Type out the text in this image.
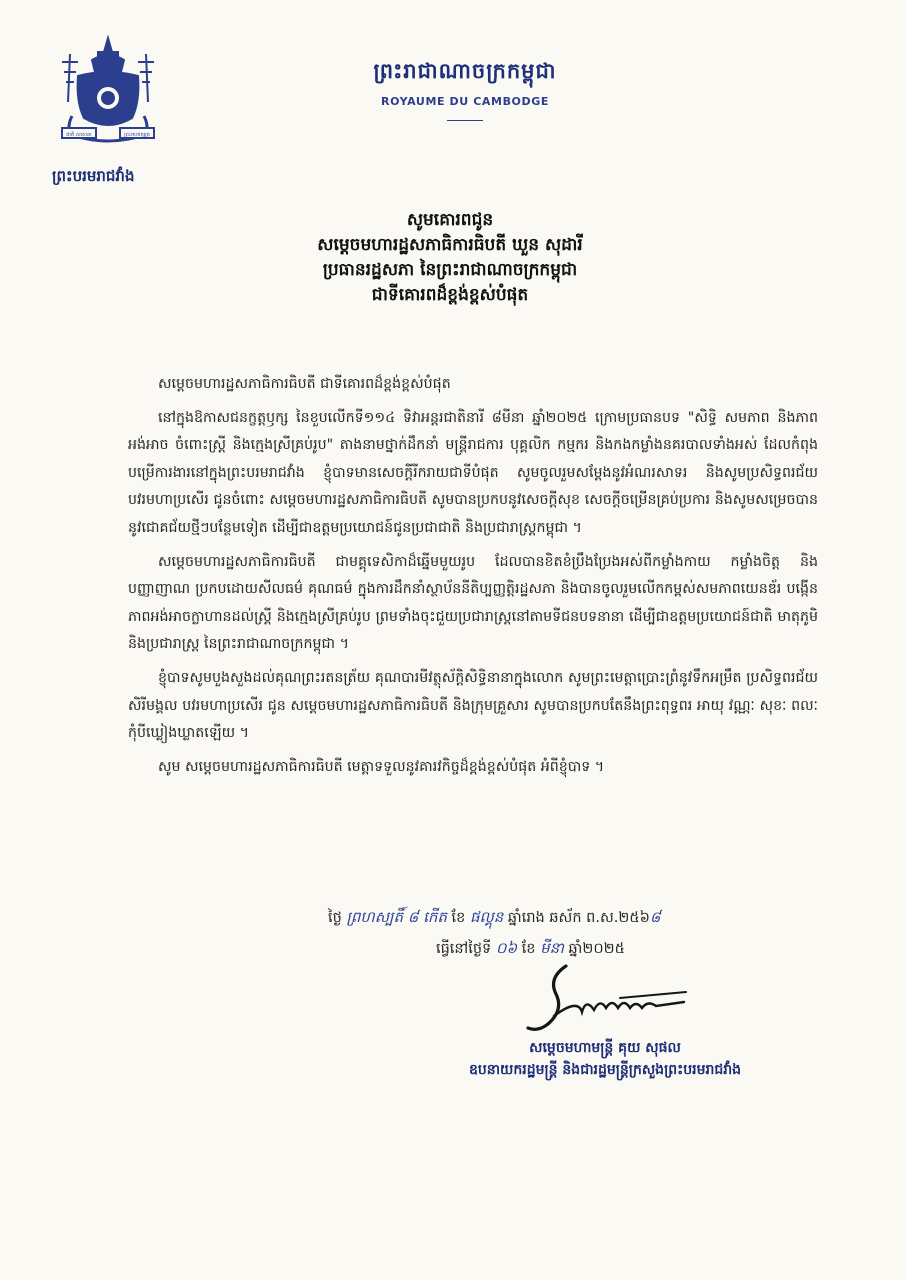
ជាតិ សាសនា	ព្រះមហាក្សត្រ
ព្រះបរមរាជវាំង
ព្រះរាជាណាចក្រកម្ពុជា
ROYAUME DU CAMBODGE
សូមគោរពជូន
សម្តេចមហារដ្ឋសភាធិការធិបតី ឃួន សុដារី
ប្រធានរដ្ឋសភា នៃព្រះរាជាណាចក្រកម្ពុជា
ជាទីគោរពដ៏ខ្ពង់ខ្ពស់បំផុត
សម្តេចមហារដ្ឋសភាធិការធិបតី ជាទីគោរពដ៏ខ្ពង់ខ្ពស់បំផុត
នៅក្នុងឱកាសជនក្ខត្តឫក្ស នៃខួបលើកទី១១៤ ទិវាអន្តរជាតិនារី ៨មីនា ឆ្នាំ២០២៥ ក្រោមប្រធានបទ "សិទ្ធិ សមភាព និងភាពអង់អាច ចំពោះស្ត្រី និងក្មេងស្រីគ្រប់រូប" តាងនាមថ្នាក់ដឹកនាំ មន្ត្រីរាជការ បុគ្គលិក កម្មករ និងកងកម្លាំងនគរបាលទាំងអស់ ដែលកំពុងបម្រើការងារនៅក្នុងព្រះបរមរាជវាំង ខ្ញុំបាទមានសេចក្តីរីករាយជាទីបំផុត សូមចូលរួមសម្តែងនូវអំណរសាទរ និងសូមប្រសិទ្ធពរជ័យ បវរមហាប្រសើរ ជូនចំពោះ សម្តេចមហារដ្ឋសភាធិការធិបតី សូមបានប្រកបនូវសេចក្តីសុខ សេចក្តីចម្រើនគ្រប់ប្រការ និងសូមសម្រេចបាននូវជោគជ័យថ្មីៗបន្ថែមទៀត ដើម្បីជាឧត្តមប្រយោជន៍ជូនប្រជាជាតិ និងប្រជារាស្ត្រកម្ពុជា ។
សម្តេចមហារដ្ឋសភាធិការធិបតី ជាមគ្គុទេសិកាដ៏ឆ្នើមមួយរូប ដែលបានខិតខំប្រឹងប្រែងអស់ពីកម្លាំងកាយ កម្លាំងចិត្ត និងបញ្ញាញាណ ប្រកបដោយសីលធម៌ គុណធម៌ ក្នុងការដឹកនាំស្ថាប័ននីតិប្បញ្ញត្តិរដ្ឋសភា និងបានចូលរួមលើកកម្ពស់សមភាពយេនឌ័រ បង្កើនភាពអង់អាចក្លាហានដល់ស្ត្រី និងក្មេងស្រីគ្រប់រូប ព្រមទាំងចុះជួយប្រជារាស្ត្រនៅតាមទីជនបទនានា ដើម្បីជាឧត្តមប្រយោជន៍ជាតិ មាតុភូមិ និងប្រជារាស្ត្រ នៃព្រះរាជាណាចក្រកម្ពុជា ។
ខ្ញុំបាទសូមបួងសួងដល់គុណព្រះរតនត្រ័យ គុណបារមីវត្ថុស័ក្តិសិទ្ធិនានាក្នុងលោក សូមព្រះមេត្តាប្រោះព្រំនូវទឹកអម្រឹត ប្រសិទ្ធពរជ័យ សិរីមង្គល បវរមហាប្រសើរ ជូន សម្តេចមហារដ្ឋសភាធិការធិបតី និងក្រុមគ្រួសារ សូមបានប្រកបតែនឹងព្រះពុទ្ធពរ អាយុ វណ្ណៈ សុខៈ ពលៈ កុំបីឃ្លៀងឃ្លាតឡើយ ។
សូម សម្តេចមហារដ្ឋសភាធិការធិបតី មេត្តាទទួលនូវគារវកិច្ចដ៏ខ្ពង់ខ្ពស់បំផុត អំពីខ្ញុំបាទ ។
ថ្ងៃ ព្រហស្បតិ៍ ៨ កើត ខែ ផល្គុន ឆ្នាំរោង ឆស័ក ព.ស.២៥៦៨
ធ្វើនៅថ្ងៃទី ០៦ ខែ មីនា ឆ្នាំ២០២៥
សម្តេចមហាមន្ត្រី គុយ សុផល
ឧបនាយករដ្ឋមន្ត្រី និងជារដ្ឋមន្ត្រីក្រសួងព្រះបរមរាជវាំង
